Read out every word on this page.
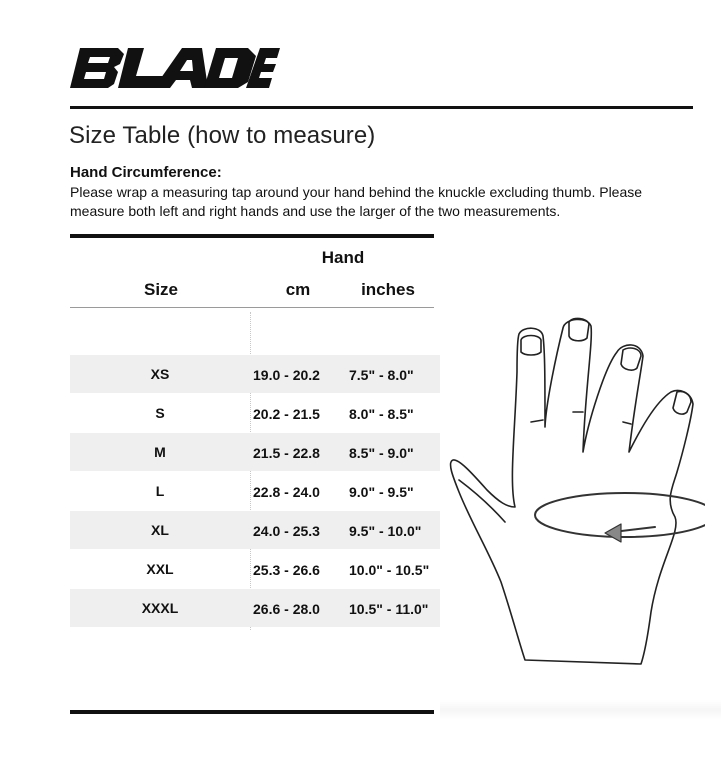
Size Table (how to measure)
Hand Circumference:
Please wrap a measuring tap around your hand behind the knuckle excluding thumb. Please measure both left and right hands and use the larger of the two measurements.
Hand
Size	cm	inches
XS	19.0 - 20.2	7.5" - 8.0"
S	20.2 - 21.5	8.0" - 8.5"
M	21.5 - 22.8	8.5" - 9.0"
L	22.8 - 24.0	9.0" - 9.5"
XL	24.0 - 25.3	9.5" - 10.0"
XXL	25.3 - 26.6	10.0" - 10.5"
XXXL	26.6 - 28.0	10.5" - 11.0"
